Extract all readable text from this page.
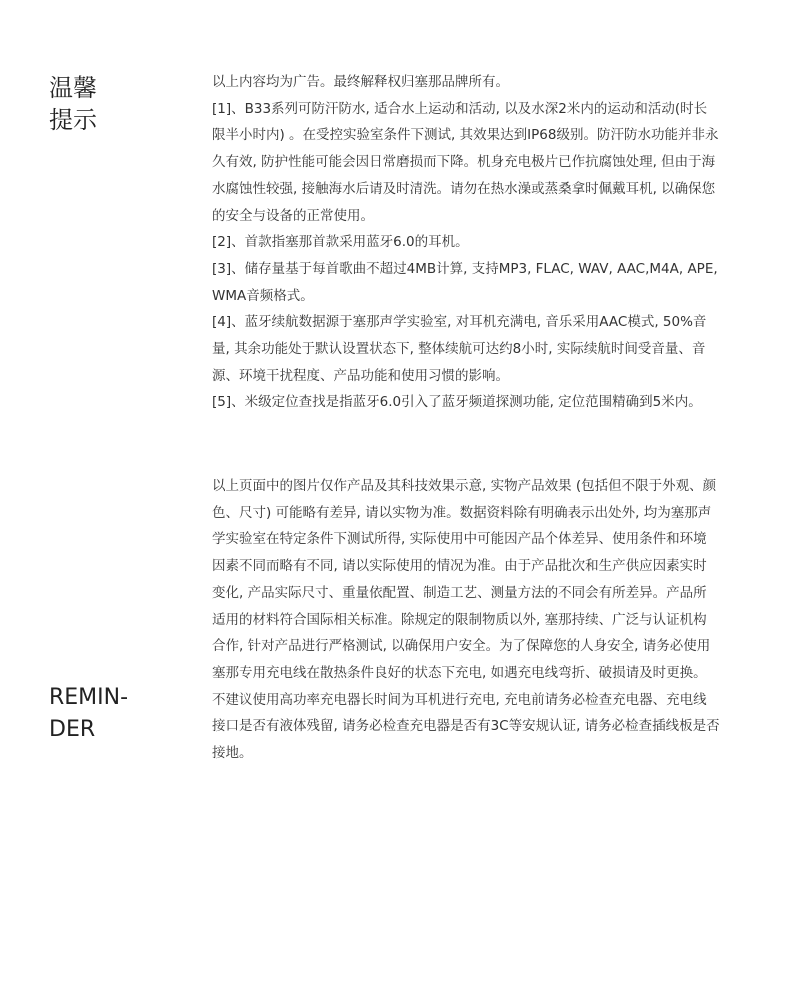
温馨
提示
REMIN-
DER

以上内容均为广告。最终解释权归塞那品牌所有。

[1]、B33系列可防汗防水, 适合水上运动和活动, 以及水深2米内的运动和活动(时长限半小时内) 。在受控实验室条件下测试, 其效果达到IP68级别。防汗防水功能并非永久有效, 防护性能可能会因日常磨损而下降。机身充电极片已作抗腐蚀处理, 但由于海水腐蚀性较强, 接触海水后请及时清洗。请勿在热水澡或蒸桑拿时佩戴耳机, 以确保您的安全与设备的正常使用。

[2]、首款指塞那首款采用蓝牙6.0的耳机。

[3]、储存量基于每首歌曲不超过4MB计算, 支持MP3, FLAC, WAV, AAC,M4A, APE, WMA音频格式。

[4]、蓝牙续航数据源于塞那声学实验室, 对耳机充满电, 音乐采用AAC模式, 50%音量, 其余功能处于默认设置状态下, 整体续航可达约8小时, 实际续航时间受音量、音源、环境干扰程度、产品功能和使用习惯的影响。

[5]、米级定位查找是指蓝牙6.0引入了蓝牙频道探测功能, 定位范围精确到5米内。

以上页面中的图片仅作产品及其科技效果示意, 实物产品效果 (包括但不限于外观、颜色、尺寸) 可能略有差异, 请以实物为准。数据资料除有明确表示出处外, 均为塞那声学实验室在特定条件下测试所得, 实际使用中可能因产品个体差异、使用条件和环境因素不同而略有不同, 请以实际使用的情况为准。由于产品批次和生产供应因素实时变化, 产品实际尺寸、重量依配置、制造工艺、测量方法的不同会有所差异。产品所适用的材料符合国际相关标准。除规定的限制物质以外, 塞那持续、广泛与认证机构合作, 针对产品进行严格测试, 以确保用户安全。为了保障您的人身安全, 请务必使用塞那专用充电线在散热条件良好的状态下充电, 如遇充电线弯折、破损请及时更换。不建议使用高功率充电器长时间为耳机进行充电, 充电前请务必检查充电器、充电线接口是否有液体残留, 请务必检查充电器是否有3C等安规认证, 请务必检查插线板是否接地。
